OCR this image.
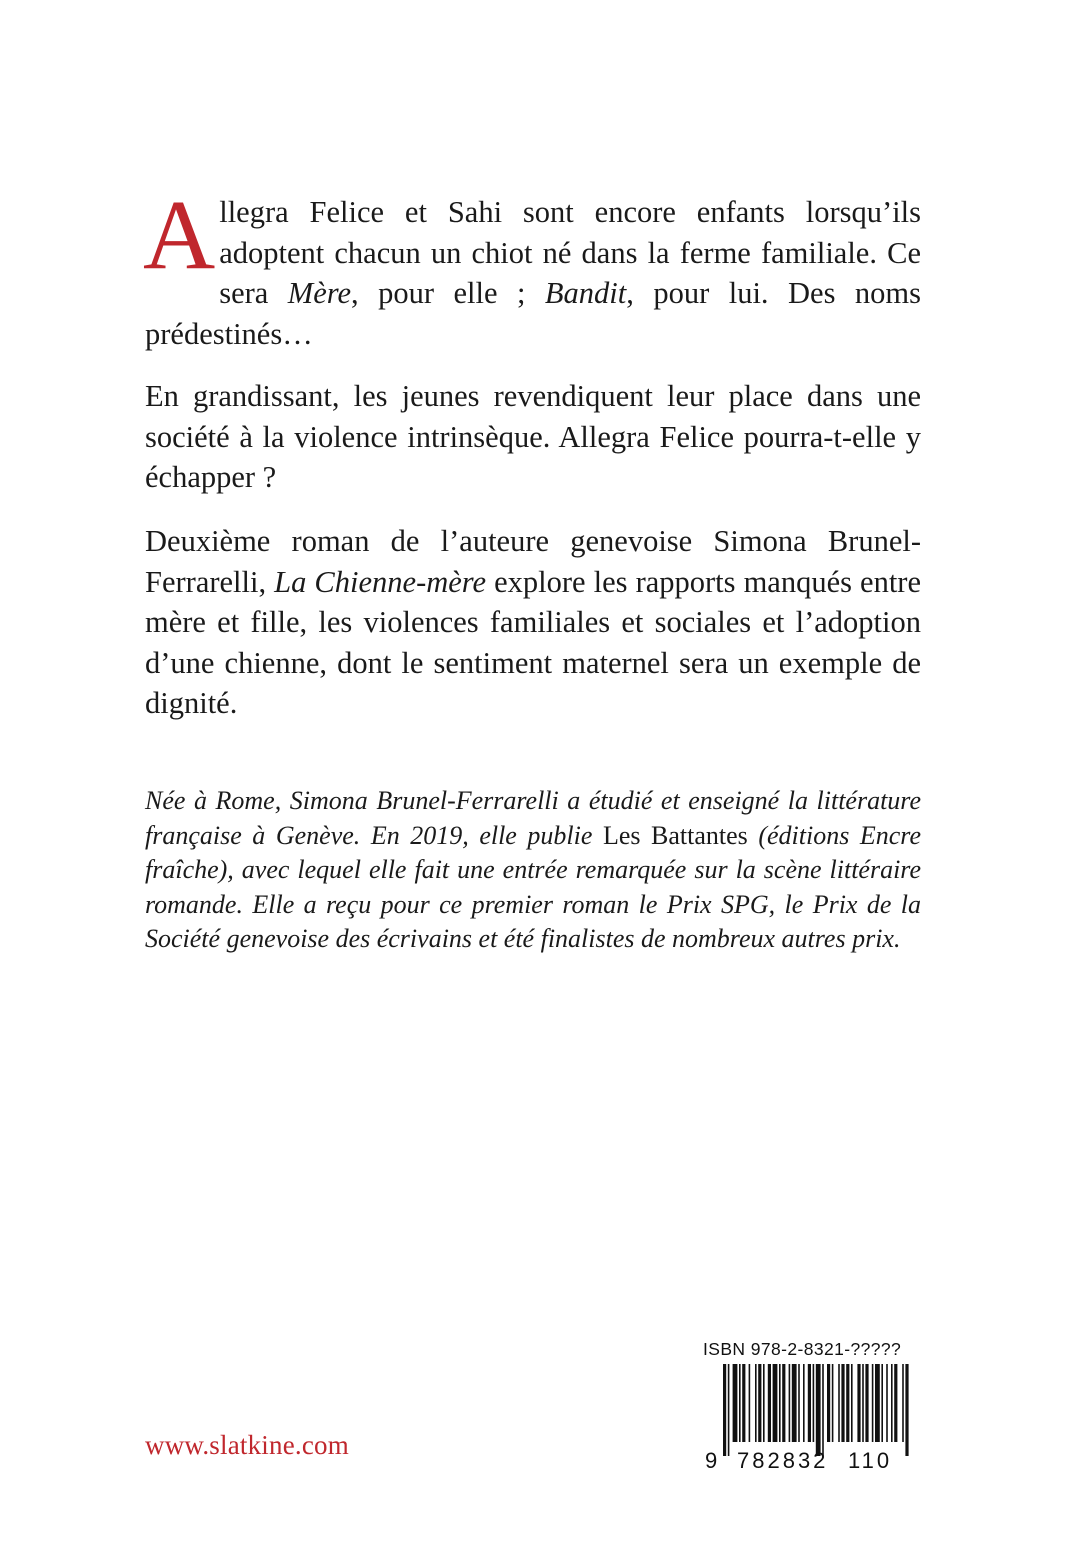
Allegra Felice et Sahi sont encore enfants lorsqu’ils adoptent chacun un chiot né dans la ferme familiale. Ce sera Mère, pour elle ; Bandit, pour lui. Des noms prédestinés…

En grandissant, les jeunes revendiquent leur place dans une société à la violence intrinsèque. Allegra Felice pourra-t-elle y échapper ?

Deuxième roman de l’auteure genevoise Simona Brunel-Ferrarelli, La Chienne-mère explore les rapports manqués entre mère et fille, les violences familiales et sociales et l’adoption d’une chienne, dont le sentiment maternel sera un exemple de dignité.

Née à Rome, Simona Brunel-Ferrarelli a étudié et enseigné la littérature française à Genève. En 2019, elle publie Les Battantes (éditions Encre fraîche), avec lequel elle fait une entrée remarquée sur la scène littéraire romande. Elle a reçu pour ce premier roman le Prix SPG, le Prix de la Société genevoise des écrivains et été finalistes de nombreux autres prix.

www.slatkine.com
ISBN 978-2-8321-?????
9 782832 110
